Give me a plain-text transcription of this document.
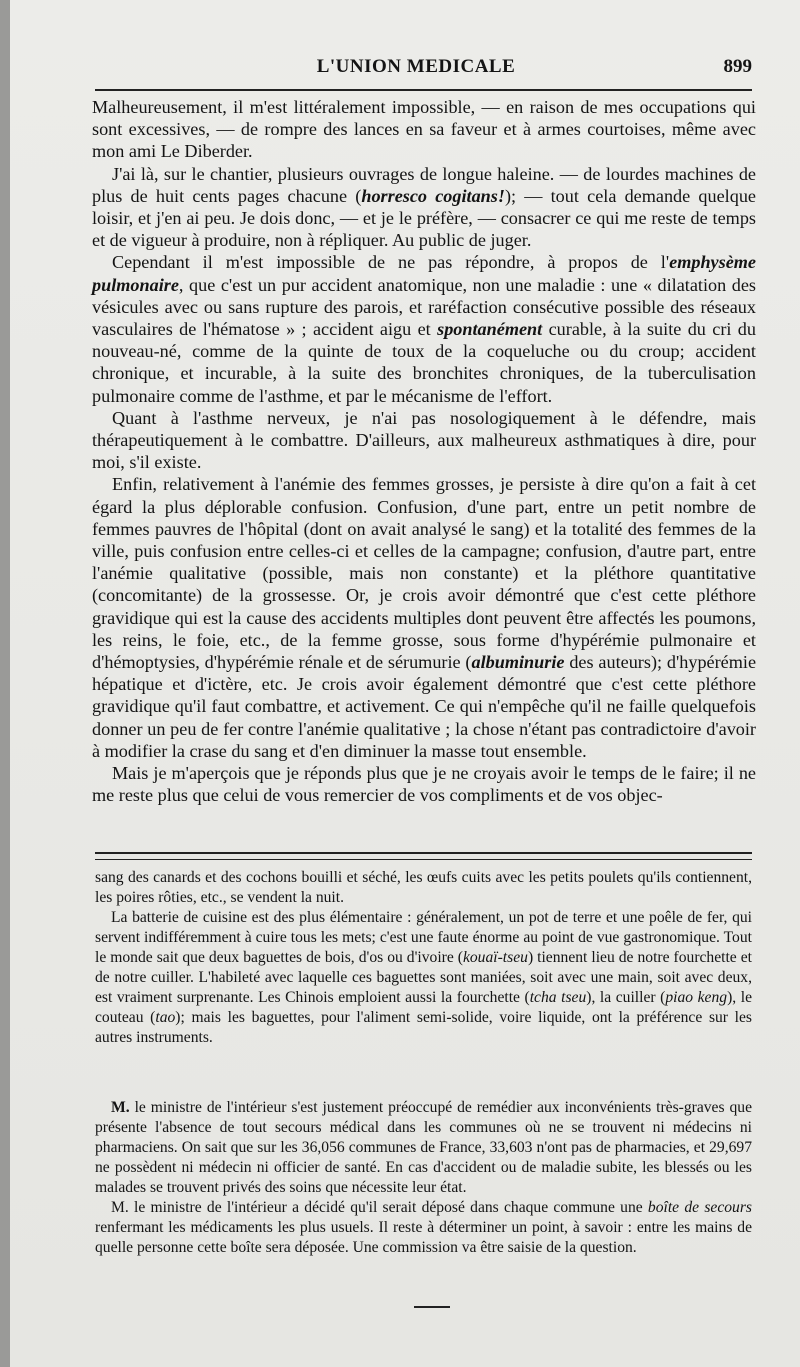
L'UNION MEDICALE	899

Malheureusement, il m'est littéralement impossible, — en raison de mes occupations qui sont excessives, — de rompre des lances en sa faveur et à armes courtoises, même avec mon ami Le Diberder.

J'ai là, sur le chantier, plusieurs ouvrages de longue haleine. — de lourdes machines de plus de huit cents pages chacune (horresco cogitans!); — tout cela demande quelque loisir, et j'en ai peu. Je dois donc, — et je le préfère, — consacrer ce qui me reste de temps et de vigueur à produire, non à répliquer. Au public de juger.

Cependant il m'est impossible de ne pas répondre, à propos de l'emphysème pulmonaire, que c'est un pur accident anatomique, non une maladie : une « dilatation des vésicules avec ou sans rupture des parois, et raréfaction consécutive possible des réseaux vasculaires de l'hématose » ; accident aigu et spontanément curable, à la suite du cri du nouveau-né, comme de la quinte de toux de la coqueluche ou du croup; accident chronique, et incurable, à la suite des bronchites chroniques, de la tuberculisation pulmonaire comme de l'asthme, et par le mécanisme de l'effort.

Quant à l'asthme nerveux, je n'ai pas nosologiquement à le défendre, mais thérapeutiquement à le combattre. D'ailleurs, aux malheureux asthmatiques à dire, pour moi, s'il existe.

Enfin, relativement à l'anémie des femmes grosses, je persiste à dire qu'on a fait à cet égard la plus déplorable confusion. Confusion, d'une part, entre un petit nombre de femmes pauvres de l'hôpital (dont on avait analysé le sang) et la totalité des femmes de la ville, puis confusion entre celles-ci et celles de la campagne; confusion, d'autre part, entre l'anémie qualitative (possible, mais non constante) et la pléthore quantitative (concomitante) de la grossesse. Or, je crois avoir démontré que c'est cette pléthore gravidique qui est la cause des accidents multiples dont peuvent être affectés les poumons, les reins, le foie, etc., de la femme grosse, sous forme d'hypérémie pulmonaire et d'hémoptysies, d'hypérémie rénale et de sérumurie (albuminurie des auteurs); d'hypérémie hépatique et d'ictère, etc. Je crois avoir également démontré que c'est cette pléthore gravidique qu'il faut combattre, et activement. Ce qui n'empêche qu'il ne faille quelquefois donner un peu de fer contre l'anémie qualitative ; la chose n'étant pas contradictoire d'avoir à modifier la crase du sang et d'en diminuer la masse tout ensemble.

Mais je m'aperçois que je réponds plus que je ne croyais avoir le temps de le faire; il ne me reste plus que celui de vous remercier de vos compliments et de vos objec-

sang des canards et des cochons bouilli et séché, les œufs cuits avec les petits poulets qu'ils contiennent, les poires rôties, etc., se vendent la nuit.

La batterie de cuisine est des plus élémentaire : généralement, un pot de terre et une poêle de fer, qui servent indifféremment à cuire tous les mets; c'est une faute énorme au point de vue gastronomique. Tout le monde sait que deux baguettes de bois, d'os ou d'ivoire (kouaï-tseu) tiennent lieu de notre fourchette et de notre cuiller. L'habileté avec laquelle ces baguettes sont maniées, soit avec une main, soit avec deux, est vraiment surprenante. Les Chinois emploient aussi la fourchette (tcha tseu), la cuiller (piao keng), le couteau (tao); mais les baguettes, pour l'aliment semi-solide, voire liquide, ont la préférence sur les autres instruments.

M. le ministre de l'intérieur s'est justement préoccupé de remédier aux inconvénients très-graves que présente l'absence de tout secours médical dans les communes où ne se trouvent ni médecins ni pharmaciens. On sait que sur les 36,056 communes de France, 33,603 n'ont pas de pharmacies, et 29,697 ne possèdent ni médecin ni officier de santé. En cas d'accident ou de maladie subite, les blessés ou les malades se trouvent privés des soins que nécessite leur état.

M. le ministre de l'intérieur a décidé qu'il serait déposé dans chaque commune une boîte de secours renfermant les médicaments les plus usuels. Il reste à déterminer un point, à savoir : entre les mains de quelle personne cette boîte sera déposée. Une commission va être saisie de la question.
